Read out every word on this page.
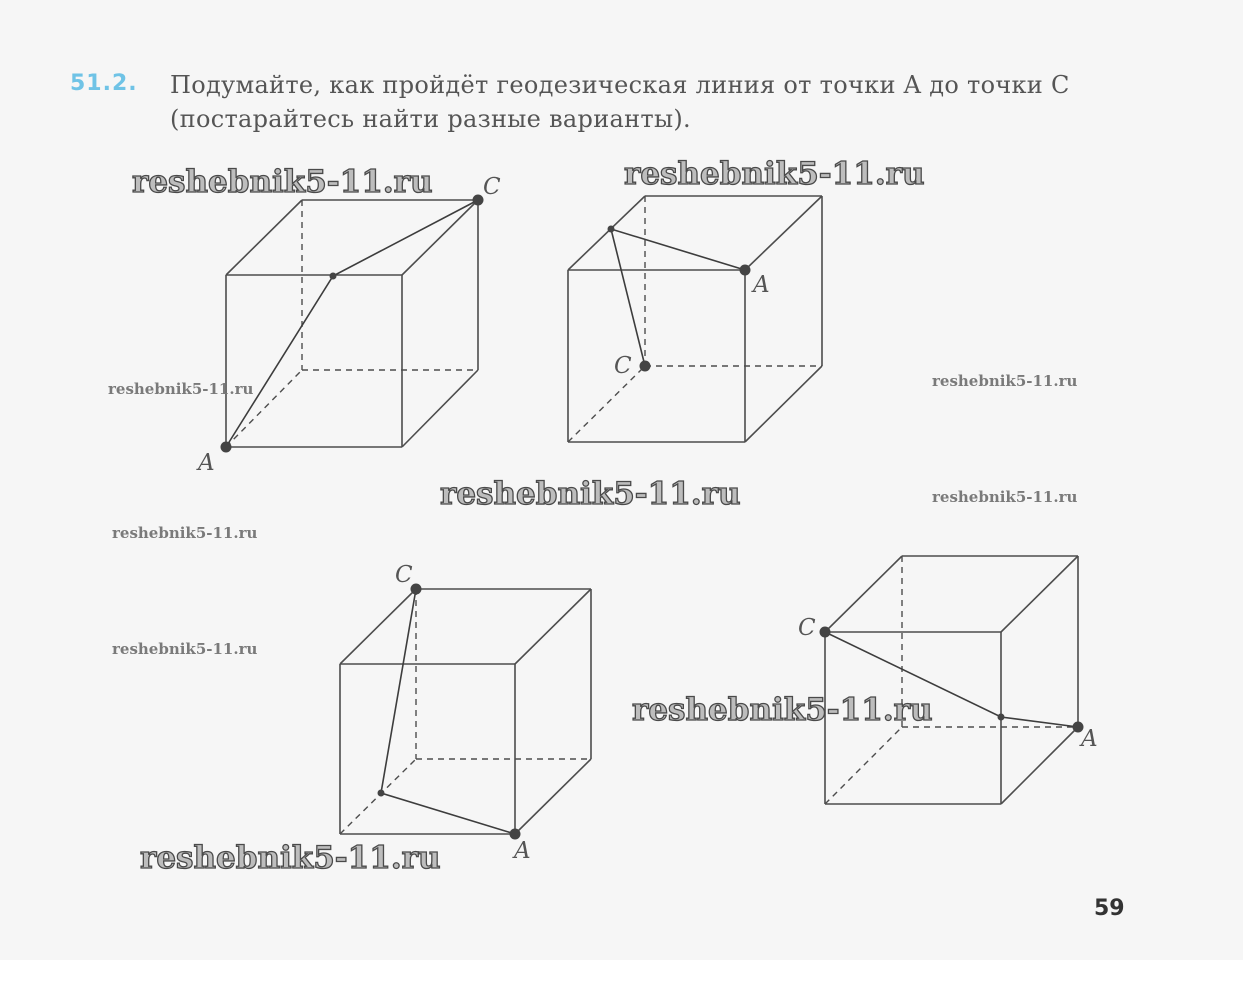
51.2. Подумайте, как пройдёт геодезическая линия от точки A до точки C
(постарайтесь найти разные варианты).
A
C
A
C
C
A
C
A
reshebnik5-11.ru	reshebnik5-11.ru
reshebnik5-11.ru
reshebnik5-11.ru
reshebnik5-11.ru
reshebnik5-11.ru	reshebnik5-11.ru
reshebnik5-11.ru
reshebnik5-11.ru
reshebnik5-11.ru
59
